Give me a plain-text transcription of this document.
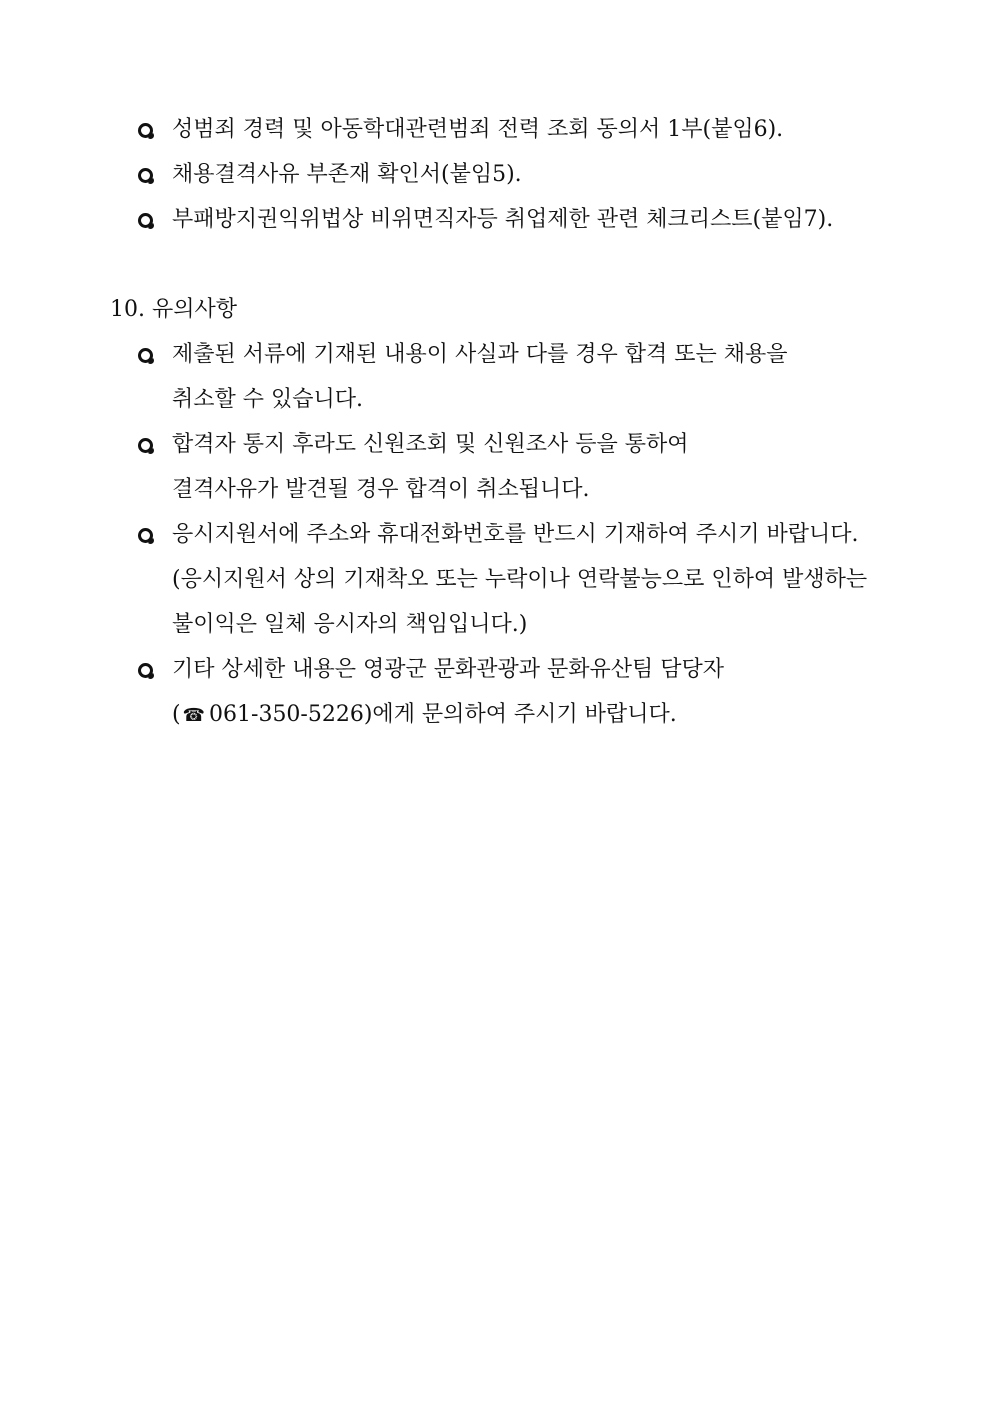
성범죄 경력 및 아동학대관련범죄 전력 조회 동의서 1부(붙임6).
채용결격사유 부존재 확인서(붙임5).
부패방지권익위법상 비위면직자등 취업제한 관련 체크리스트(붙임7).
10. 유의사항
제출된 서류에 기재된 내용이 사실과 다를 경우 합격 또는 채용을
취소할 수 있습니다.
합격자 통지 후라도 신원조회 및 신원조사 등을 통하여
결격사유가 발견될 경우 합격이 취소됩니다.
응시지원서에 주소와 휴대전화번호를 반드시 기재하여 주시기 바랍니다.
(응시지원서 상의 기재착오 또는 누락이나 연락불능으로 인하여 발생하는
불이익은 일체 응시자의 책임입니다.)
기타 상세한 내용은 영광군 문화관광과 문화유산팀 담당자
( ☎ 061-350-5226)에게 문의하여 주시기 바랍니다.
